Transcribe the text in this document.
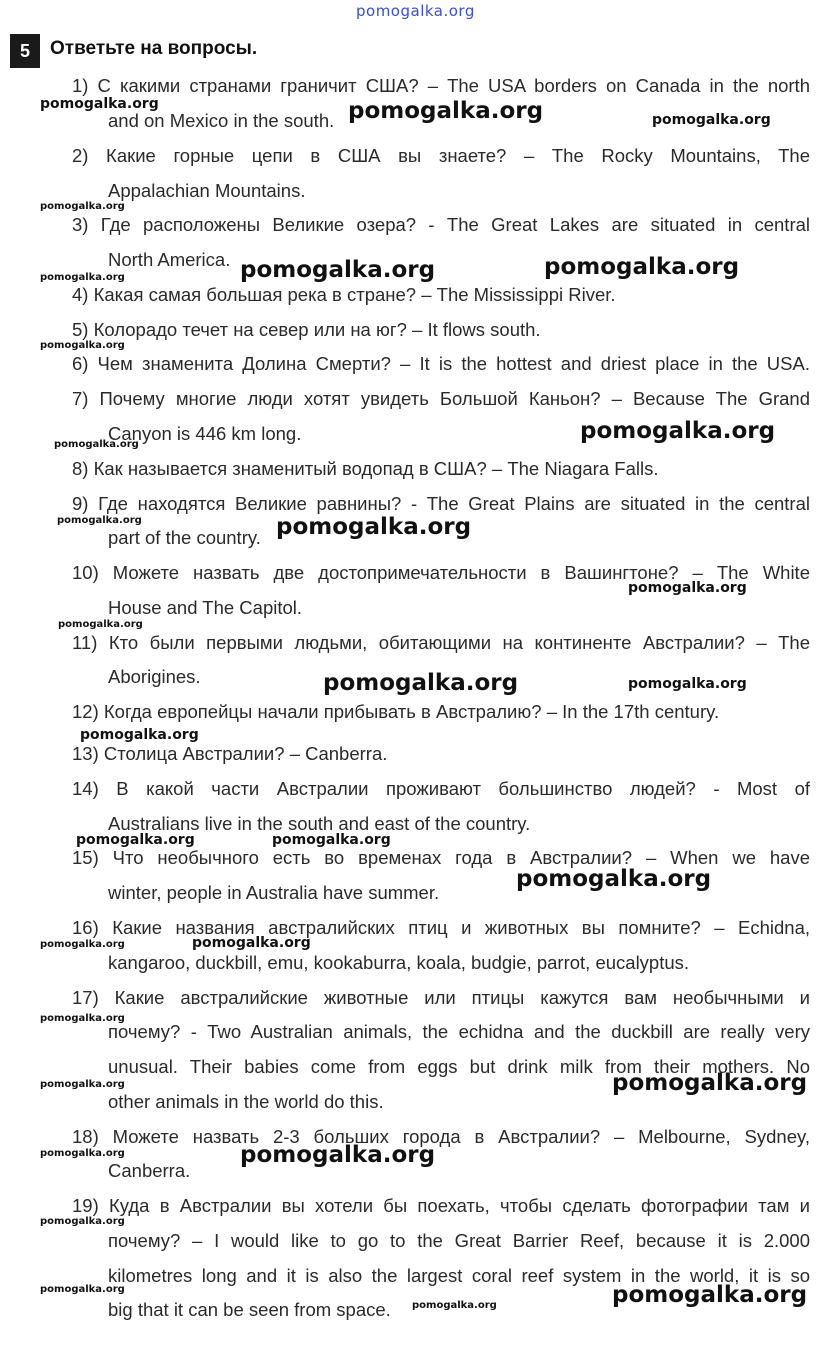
pomogalka.org
5	Ответьте на вопросы.
1) С какими странами граничит США? – The USA borders on Canada in the north
and on Mexico in the south.
2) Какие горные цепи в США вы знаете? – The Rocky Mountains, The
Appalachian Mountains.
3) Где расположены Великие озера? - The Great Lakes are situated in central
North America.
4) Какая самая большая река в стране? – The Mississippi River.
5) Колорадо течет на север или на юг? – It flows south.
6) Чем знаменита Долина Смерти? – It is the hottest and driest place in the USA.
7) Почему многие люди хотят увидеть Большой Каньон? – Because The Grand
Canyon is 446 km long.
8) Как называется знаменитый водопад в США? – The Niagara Falls.
9) Где находятся Великие равнины? - The Great Plains are situated in the central
part of the country.
10) Можете назвать две достопримечательности в Вашингтоне? – The White
House and The Capitol.
11) Кто были первыми людьми, обитающими на континенте Австралии? – The
Aborigines.
12) Когда европейцы начали прибывать в Австралию? – In the 17th century.
13) Столица Австралии? – Canberra.
14) В какой части Австралии проживают большинство людей? - Most of
Australians live in the south and east of the country.
15) Что необычного есть во временах года в Австралии? – When we have
winter, people in Australia have summer.
16) Какие названия австралийских птиц и животных вы помните? – Echidna,
kangaroo, duckbill, emu, kookaburra, koala, budgie, parrot, eucalyptus.
17) Какие австралийские животные или птицы кажутся вам необычными и
почему? - Two Australian animals, the echidna and the duckbill are really very
unusual. Their babies come from eggs but drink milk from their mothers. No
other animals in the world do this.
18) Можете назвать 2-3 больших города в Австралии? – Melbourne, Sydney,
Canberra.
19) Куда в Австралии вы хотели бы поехать, чтобы сделать фотографии там и
почему? – I would like to go to the Great Barrier Reef, because it is 2.000
kilometres long and it is also the largest coral reef system in the world, it is so
big that it can be seen from space.
pomogalka.org	pomogalka.org	pomogalka.org
pomogalka.org
pomogalka.org	pomogalka.org
pomogalka.org
pomogalka.org
pomogalka.org
pomogalka.org
pomogalka.org	pomogalka.org
pomogalka.org
pomogalka.org
pomogalka.org	pomogalka.org
pomogalka.org
pomogalka.org	pomogalka.org
pomogalka.org
pomogalka.org	pomogalka.org
pomogalka.org
pomogalka.org
pomogalka.org
pomogalka.org	pomogalka.org
pomogalka.org
pomogalka.org	pomogalka.org
pomogalka.org
